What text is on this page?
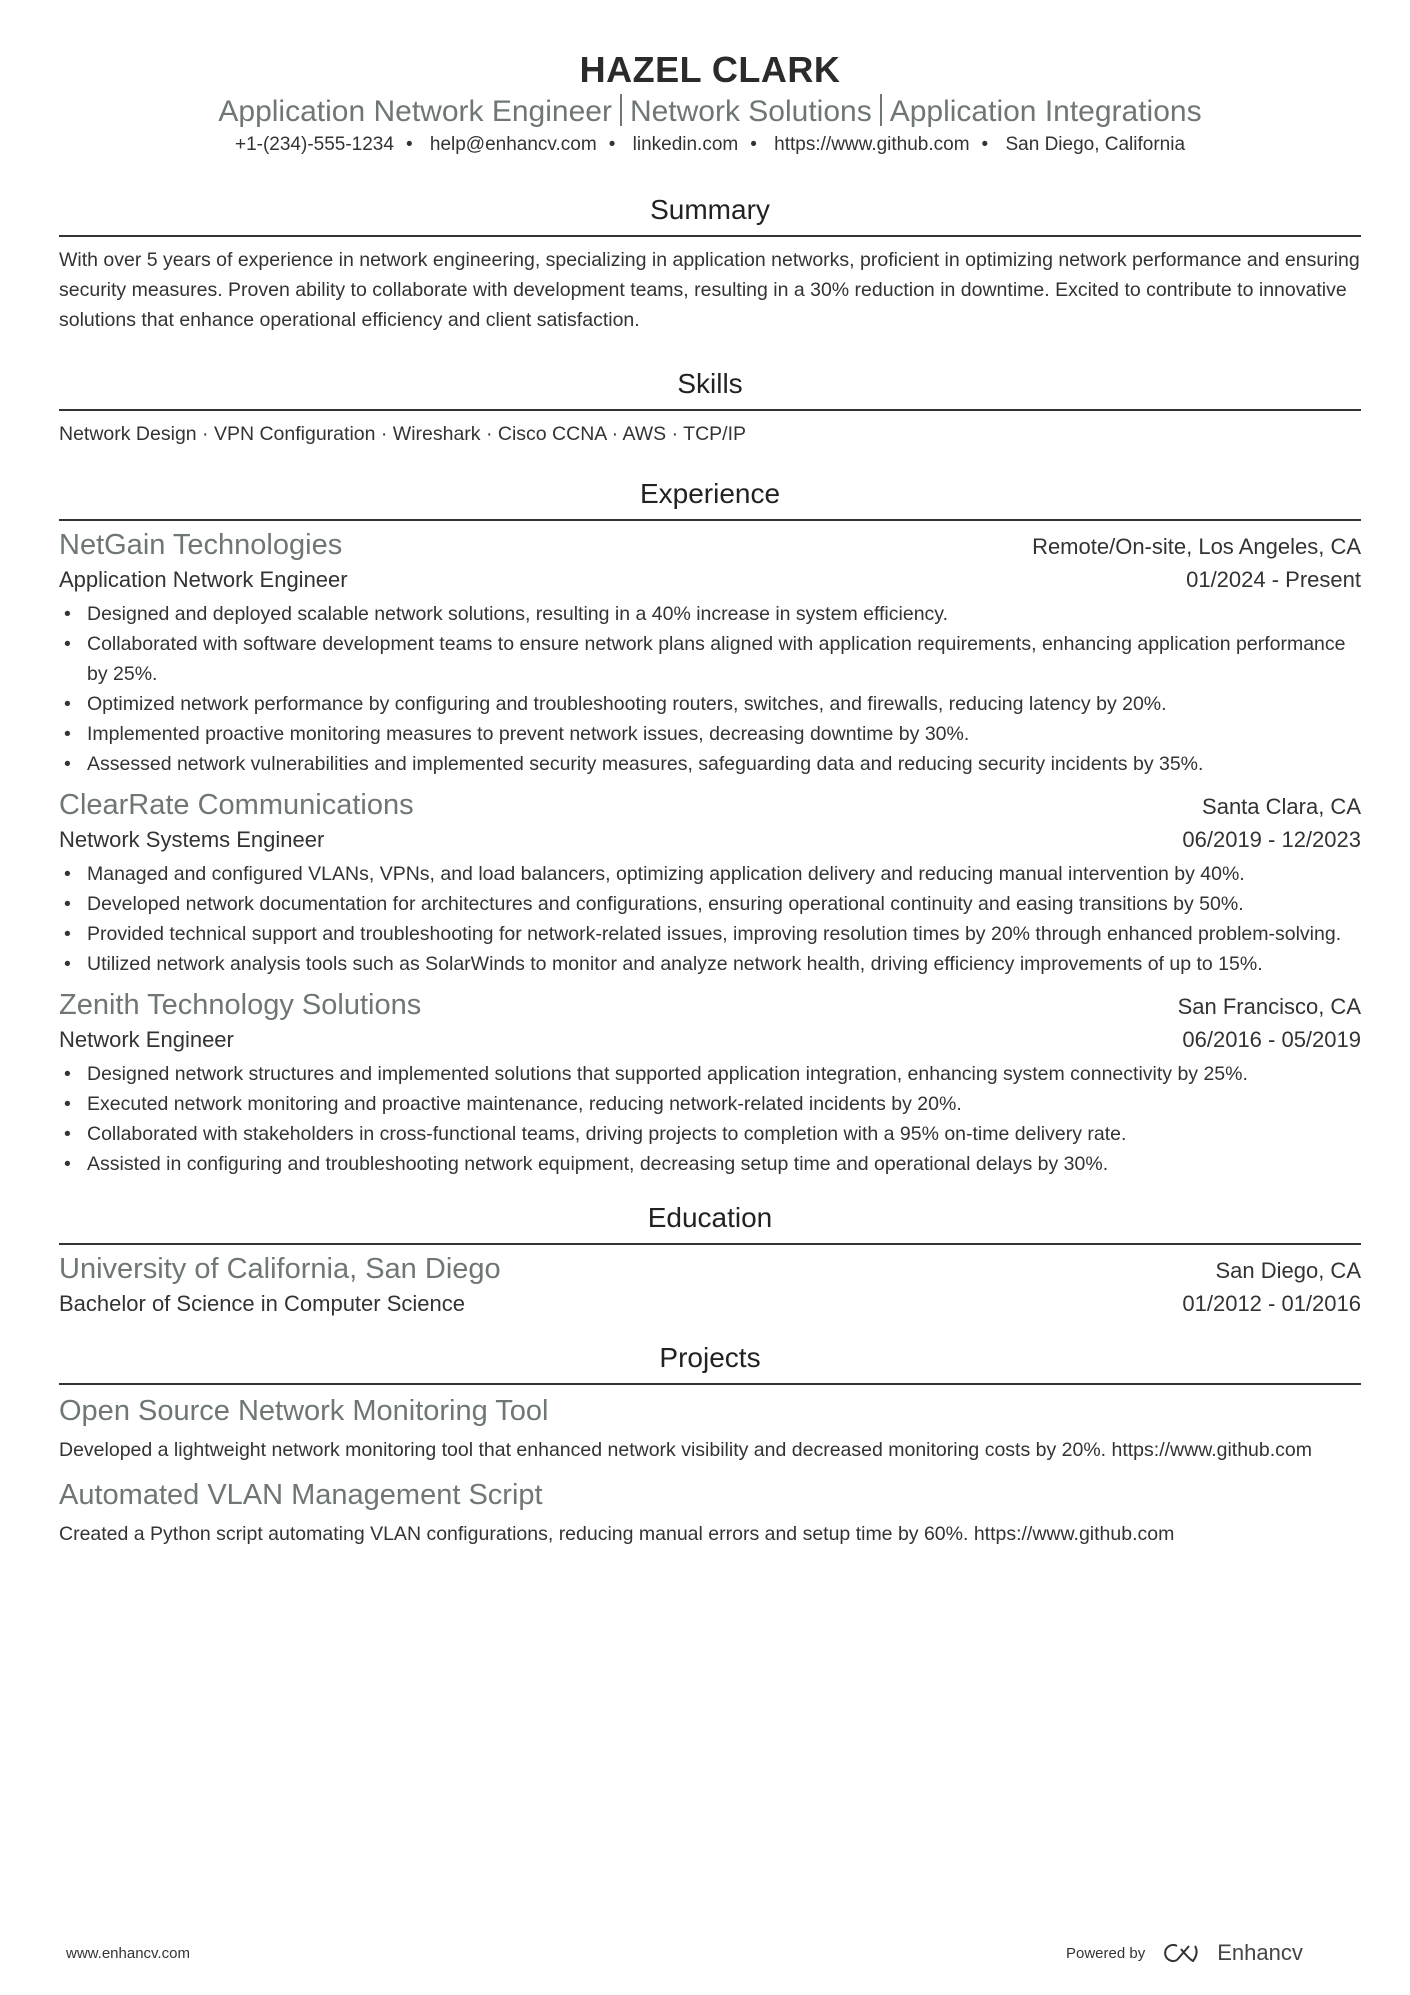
HAZEL CLARK
Application Network Engineer Network Solutions Application Integrations
+1-(234)-555-1234 • help@enhancv.com • linkedin.com • https://www.github.com • San Diego, California
Summary

With over 5 years of experience in network engineering, specializing in application networks, proficient in optimizing network performance and ensuring security measures. Proven ability to collaborate with development teams, resulting in a 30% reduction in downtime. Excited to contribute to innovative solutions that enhance operational efficiency and client satisfaction.

Skills

Network Design · VPN Configuration · Wireshark · Cisco CCNA · AWS · TCP/IP

Experience
NetGain Technologies	Remote/On-site, Los Angeles, CA
Application Network Engineer	01/2024 - Present
• Designed and deployed scalable network solutions, resulting in a 40% increase in system efficiency.
• Collaborated with software development teams to ensure network plans aligned with application requirements, enhancing application performance by 25%.
• Optimized network performance by configuring and troubleshooting routers, switches, and firewalls, reducing latency by 20%.
• Implemented proactive monitoring measures to prevent network issues, decreasing downtime by 30%.
• Assessed network vulnerabilities and implemented security measures, safeguarding data and reducing security incidents by 35%.
ClearRate Communications	Santa Clara, CA
Network Systems Engineer	06/2019 - 12/2023
• Managed and configured VLANs, VPNs, and load balancers, optimizing application delivery and reducing manual intervention by 40%.
• Developed network documentation for architectures and configurations, ensuring operational continuity and easing transitions by 50%.
• Provided technical support and troubleshooting for network-related issues, improving resolution times by 20% through enhanced problem-solving.
• Utilized network analysis tools such as SolarWinds to monitor and analyze network health, driving efficiency improvements of up to 15%.
Zenith Technology Solutions	San Francisco, CA
Network Engineer	06/2016 - 05/2019
• Designed network structures and implemented solutions that supported application integration, enhancing system connectivity by 25%.
• Executed network monitoring and proactive maintenance, reducing network-related incidents by 20%.
• Collaborated with stakeholders in cross-functional teams, driving projects to completion with a 95% on-time delivery rate.
• Assisted in configuring and troubleshooting network equipment, decreasing setup time and operational delays by 30%.
Education
University of California, San Diego	San Diego, CA
Bachelor of Science in Computer Science	01/2012 - 01/2016
Projects
Open Source Network Monitoring Tool

Developed a lightweight network monitoring tool that enhanced network visibility and decreased monitoring costs by 20%. https://www.github.com

Automated VLAN Management Script

Created a Python script automating VLAN configurations, reducing manual errors and setup time by 60%. https://www.github.com

www.enhancv.com	Powered by	Enhancv
